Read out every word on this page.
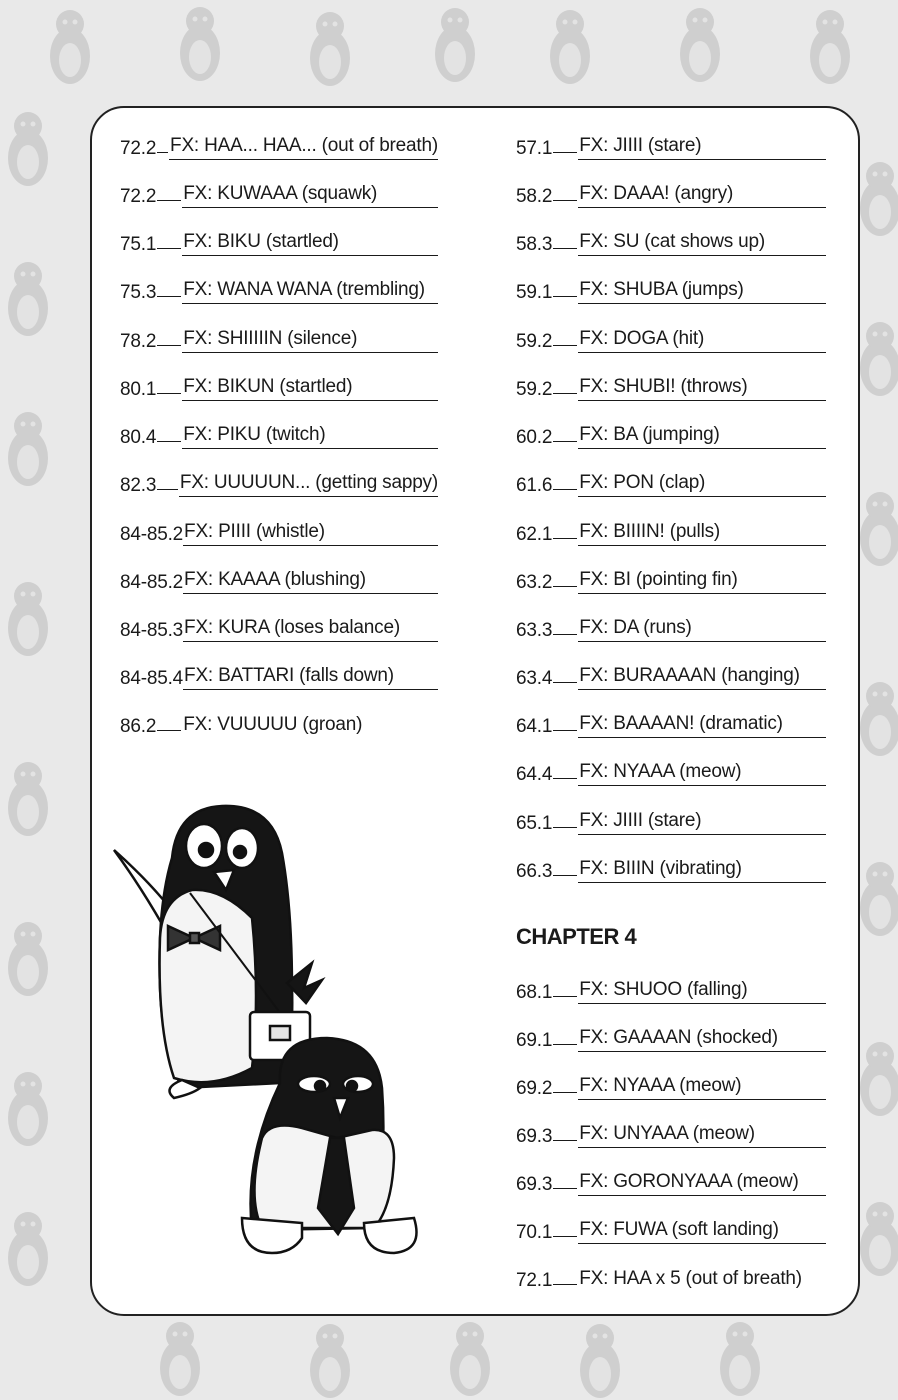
72.2 FX: HAA... HAA... (out of breath)
72.2 FX: KUWAAA (squawk)
75.1 FX: BIKU (startled)
75.3 FX: WANA WANA (trembling)
78.2 FX: SHIIIIIN (silence)
80.1 FX: BIKUN (startled)
80.4 FX: PIKU (twitch)
82.3 FX: UUUUUN... (getting sappy)
84-85.2 FX: PIIII (whistle)
84-85.2 FX: KAAAA (blushing)
84-85.3 FX: KURA (loses balance)
84-85.4 FX: BATTARI (falls down)
86.2 FX: VUUUUU (groan)
57.1 FX: JIIII (stare)
58.2 FX: DAAA! (angry)
58.3 FX: SU (cat shows up)
59.1 FX: SHUBA (jumps)
59.2 FX: DOGA (hit)
59.2 FX: SHUBI! (throws)
60.2 FX: BA (jumping)
61.6 FX: PON (clap)
62.1 FX: BIIIIN! (pulls)
63.2 FX: BI (pointing fin)
63.3 FX: DA (runs)
63.4 FX: BURAAAAN (hanging)
64.1 FX: BAAAAN! (dramatic)
64.4 FX: NYAAA (meow)
65.1 FX: JIIII (stare)
66.3 FX: BIIIN (vibrating)
68.1 FX: SHUOO (falling)
69.1 FX: GAAAAN (shocked)
69.2 FX: NYAAA (meow)
69.3 FX: UNYAAA (meow)
69.3 FX: GORONYAAA (meow)
70.1 FX: FUWA (soft landing)
72.1 FX: HAA x 5 (out of breath)
CHAPTER 4
